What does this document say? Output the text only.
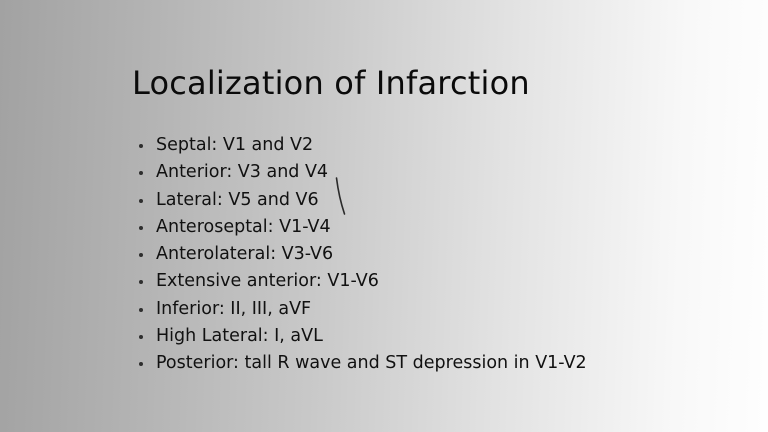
Localization of Infarction
Septal: V1 and V2
Anterior: V3 and V4
Lateral: V5 and V6
Anteroseptal: V1-V4
Anterolateral: V3-V6
Extensive anterior: V1-V6
Inferior: II, III, aVF
High Lateral: I, aVL
Posterior: tall R wave and ST depression in V1-V2
